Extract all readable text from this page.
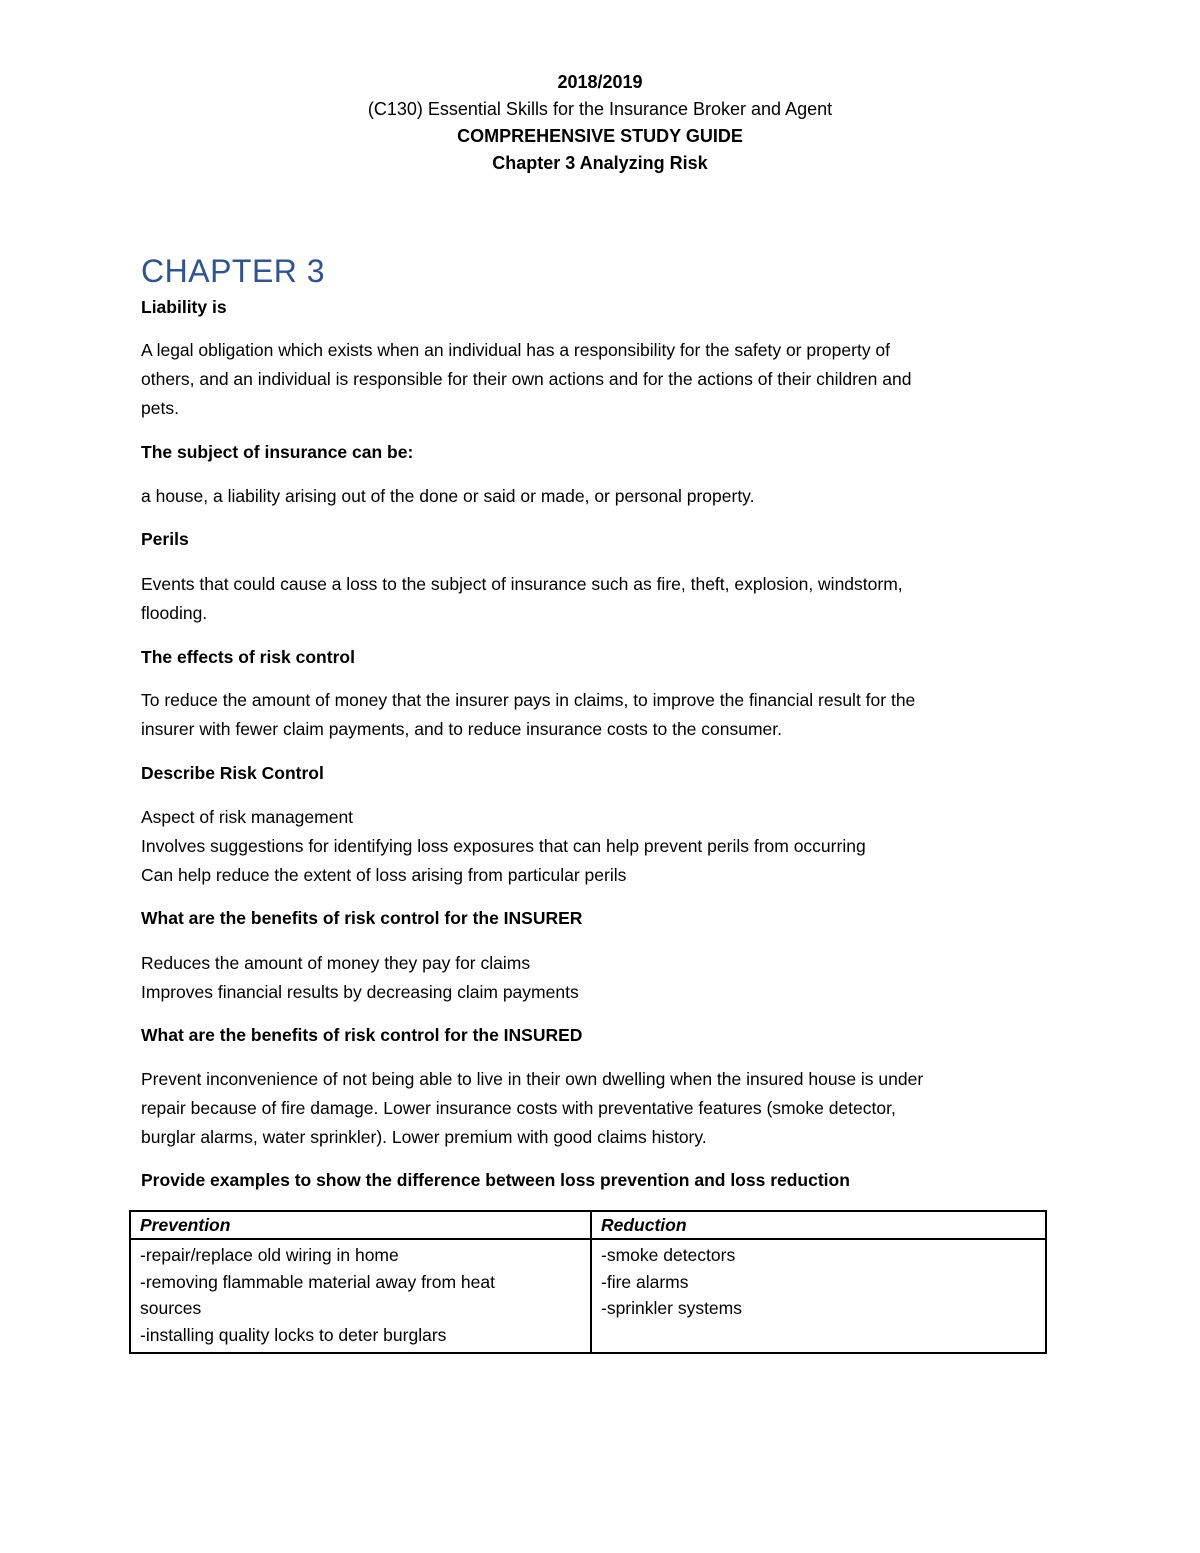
2018/2019
(C130) Essential Skills for the Insurance Broker and Agent
COMPREHENSIVE STUDY GUIDE
Chapter 3 Analyzing Risk
CHAPTER 3
Liability is
A legal obligation which exists when an individual has a responsibility for the safety or property of
others, and an individual is responsible for their own actions and for the actions of their children and
pets.
The subject of insurance can be:
a house, a liability arising out of the done or said or made, or personal property.
Perils
Events that could cause a loss to the subject of insurance such as fire, theft, explosion, windstorm,
flooding.
The effects of risk control
To reduce the amount of money that the insurer pays in claims, to improve the financial result for the
insurer with fewer claim payments, and to reduce insurance costs to the consumer.
Describe Risk Control
Aspect of risk management
Involves suggestions for identifying loss exposures that can help prevent perils from occurring
Can help reduce the extent of loss arising from particular perils
What are the benefits of risk control for the INSURER
Reduces the amount of money they pay for claims
Improves financial results by decreasing claim payments
What are the benefits of risk control for the INSURED
Prevent inconvenience of not being able to live in their own dwelling when the insured house is under
repair because of fire damage. Lower insurance costs with preventative features (smoke detector,
burglar alarms, water sprinkler). Lower premium with good claims history.
Provide examples to show the difference between loss prevention and loss reduction
Prevention	Reduction

-repair/replace old wiring in home
-removing flammable material away from heat
sources
-installing quality locks to deter burglars	-smoke detectors
-fire alarms
-sprinkler systems
